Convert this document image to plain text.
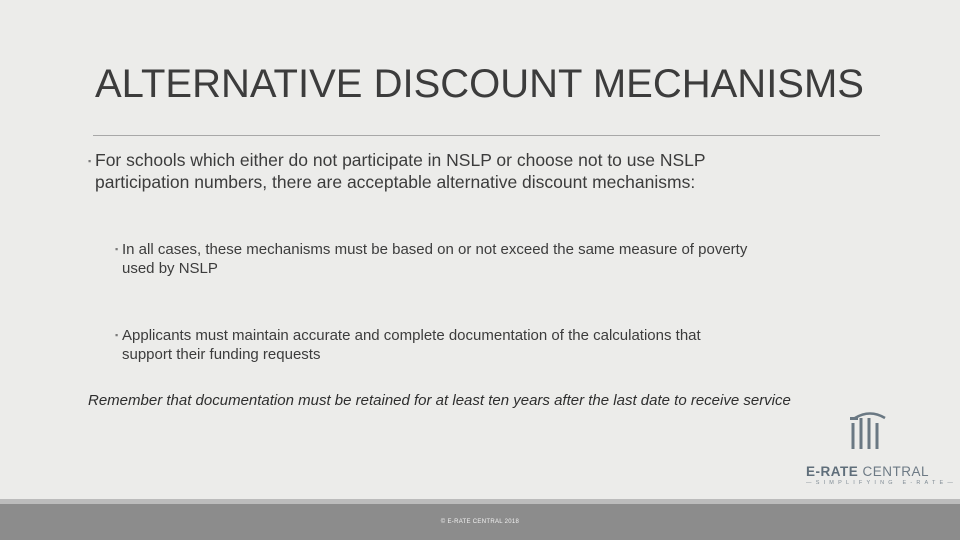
ALTERNATIVE DISCOUNT MECHANISMS
▪ For schools which either do not participate in NSLP or choose not to use NSLP
participation numbers, there are acceptable alternative discount mechanisms:
▪ In all cases, these mechanisms must be based on or not exceed the same measure of poverty
used by NSLP
▪ Applicants must maintain accurate and complete documentation of the calculations that
support their funding requests
Remember that documentation must be retained for at least ten years after the last date to receive service
E-RATE CENTRAL
—SIMPLIFYING E-RATE—
© E-RATE CENTRAL 2018
